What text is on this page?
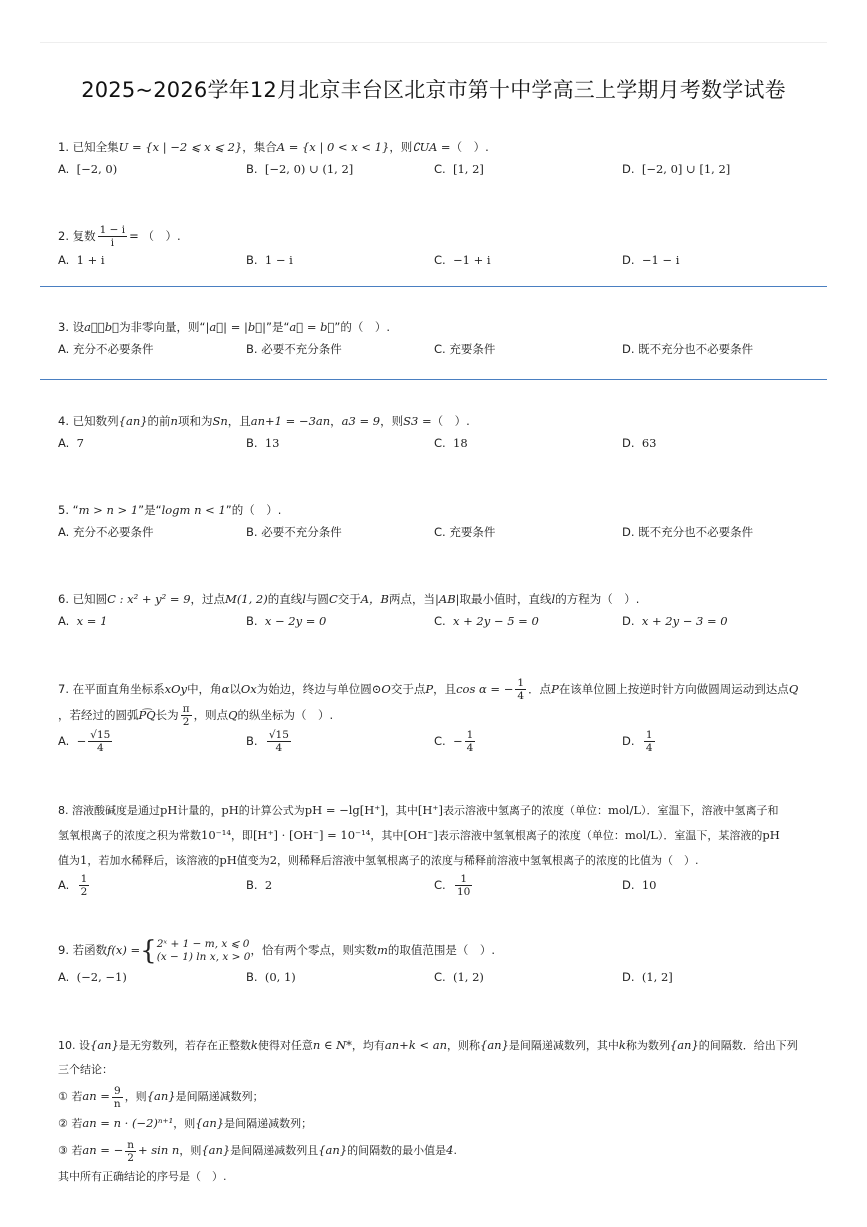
2025~2026学年12月北京丰台区北京市第十中学高三上学期月考数学试卷
1. 已知全集U = {x | −2 ⩽ x ⩽ 2}，集合A = {x | 0 < x < 1}，则∁UA =（　）.
A. [−2, 0)	B. [−2, 0) ∪ (1, 2]	C. [1, 2]	D. [−2, 0] ∪ [1, 2]
2. 复数 $\frac{1 - i}{i}$ = （　）.
A. 1 + i	B. 1 − i	C. −1 + i	D. −1 − i
3. 设a⃗，b⃗为非零向量，则“|a⃗| = |b⃗|”是“a⃗ = b⃗”的（　）.
A. 充分不必要条件	B. 必要不充分条件	C. 充要条件	D. 既不充分也不必要条件
4. 已知数列{an}的前n项和为Sn，且an+1 = −3an，a3 = 9，则S3 =（　）.
A. 7	B. 13	C. 18	D. 63
5. “m > n > 1”是“logm n < 1”的（　）.
A. 充分不必要条件	B. 必要不充分条件	C. 充要条件	D. 既不充分也不必要条件
6. 已知圆C : x² + y² = 9，过点M(1, 2)的直线l与圆C交于A，B两点，当|AB|取最小值时，直线l的方程为（　）.
A. x = 1	B. x − 2y = 0	C. x + 2y − 5 = 0	D. x + 2y − 3 = 0
7. 在平面直角坐标系xOy中，角α以Ox为始边，终边与单位圆⊙O交于点P，且cos α = − $\frac{1}{4}$ ．点P在该单位圆上按逆时针方向做圆周运动到达点Q
，若经过的圆弧P͡Q长为 $\frac{\pi}{2}$ ，则点Q的纵坐标为（　）.
A. − $\frac{√15}{4}$	B. $\frac{√15}{4}$	C. − $\frac{1}{4}$	D. $\frac{1}{4}$
8. 溶液酸碱度是通过pH计量的，pH的计算公式为pH = −lg[H⁺]，其中[H⁺]表示溶液中氢离子的浓度（单位：mol/L）．室温下，溶液中氢离子和
氢氧根离子的浓度之积为常数10⁻¹⁴，即[H⁺] · [OH⁻] = 10⁻¹⁴，其中[OH⁻]表示溶液中氢氧根离子的浓度（单位：mol/L）．室温下，某溶液的pH
值为1，若加水稀释后，该溶液的pH值变为2，则稀释后溶液中氢氧根离子的浓度与稀释前溶液中氢氧根离子的浓度的比值为（　）.
A. $\frac{1}{2}$	B. 2	C. $\frac{1}{10}$	D. 10
9. 若函数f(x) ={ 2ˣ + 1 − m, x ⩽ 0
(x − 1) ln x, x > 0 ，恰有两个零点，则实数m的取值范围是（　）.
A. (−2, −1)	B. (0, 1)	C. (1, 2)	D. (1, 2]
10. 设{an}是无穷数列，若存在正整数k使得对任意n ∈ N*，均有an+k < an，则称{an}是间隔递减数列，其中k称为数列{an}的间隔数．给出下列
三个结论：
① 若an = $\frac{9}{n}$ ，则{an}是间隔递减数列；
② 若an = n · (−2)ⁿ⁺¹，则{an}是间隔递减数列；
③ 若an = − $\frac{n}{2} + \sin n$，则{an}是间隔递减数列且{an}的间隔数的最小值是4.
其中所有正确结论的序号是（　）.
